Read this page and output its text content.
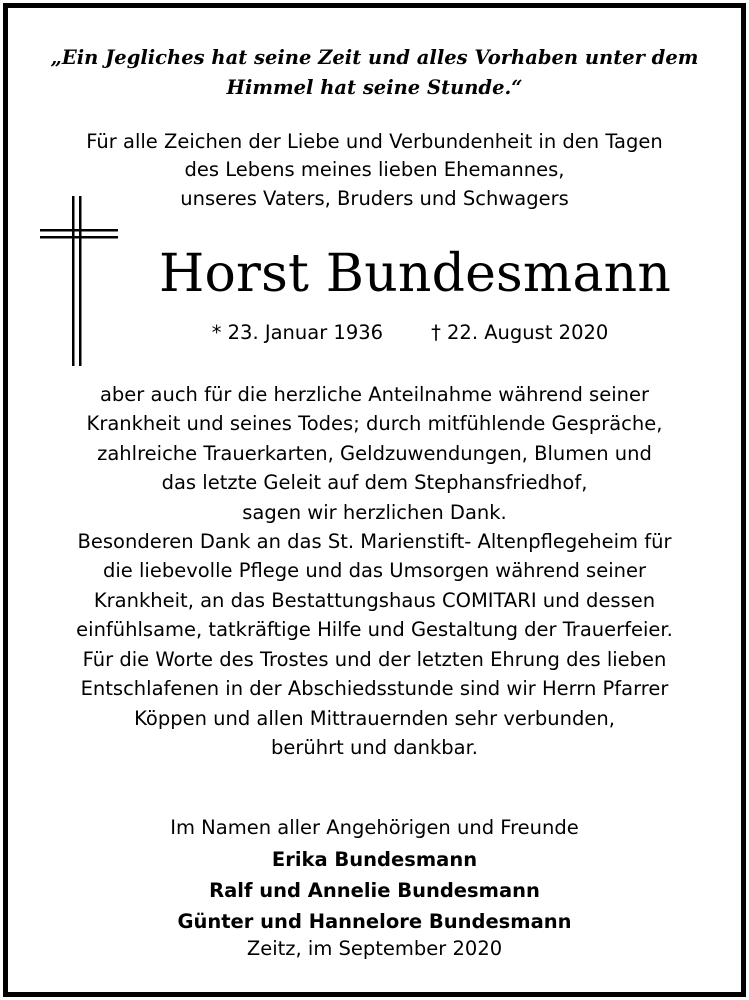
„Ein Jegliches hat seine Zeit und alles Vorhaben unter dem
Himmel hat seine Stunde.“
Für alle Zeichen der Liebe und Verbundenheit in den Tagen
des Lebens meines lieben Ehemannes,
unseres Vaters, Bruders und Schwagers
Horst Bundesmann
* 23. Januar 1936 † 22. August 2020
aber auch für die herzliche Anteilnahme während seiner
Krankheit und seines Todes; durch mitfühlende Gespräche,
zahlreiche Trauerkarten, Geldzuwendungen, Blumen und
das letzte Geleit auf dem Stephansfriedhof,
sagen wir herzlichen Dank.
Besonderen Dank an das St. Marienstift- Altenpflegeheim für
die liebevolle Pflege und das Umsorgen während seiner
Krankheit, an das Bestattungshaus COMITARI und dessen
einfühlsame, tatkräftige Hilfe und Gestaltung der Trauerfeier.
Für die Worte des Trostes und der letzten Ehrung des lieben
Entschlafenen in der Abschiedsstunde sind wir Herrn Pfarrer
Köppen und allen Mittrauernden sehr verbunden,
berührt und dankbar.
Im Namen aller Angehörigen und Freunde
Erika Bundesmann
Ralf und Annelie Bundesmann
Günter und Hannelore Bundesmann
Zeitz, im September 2020
